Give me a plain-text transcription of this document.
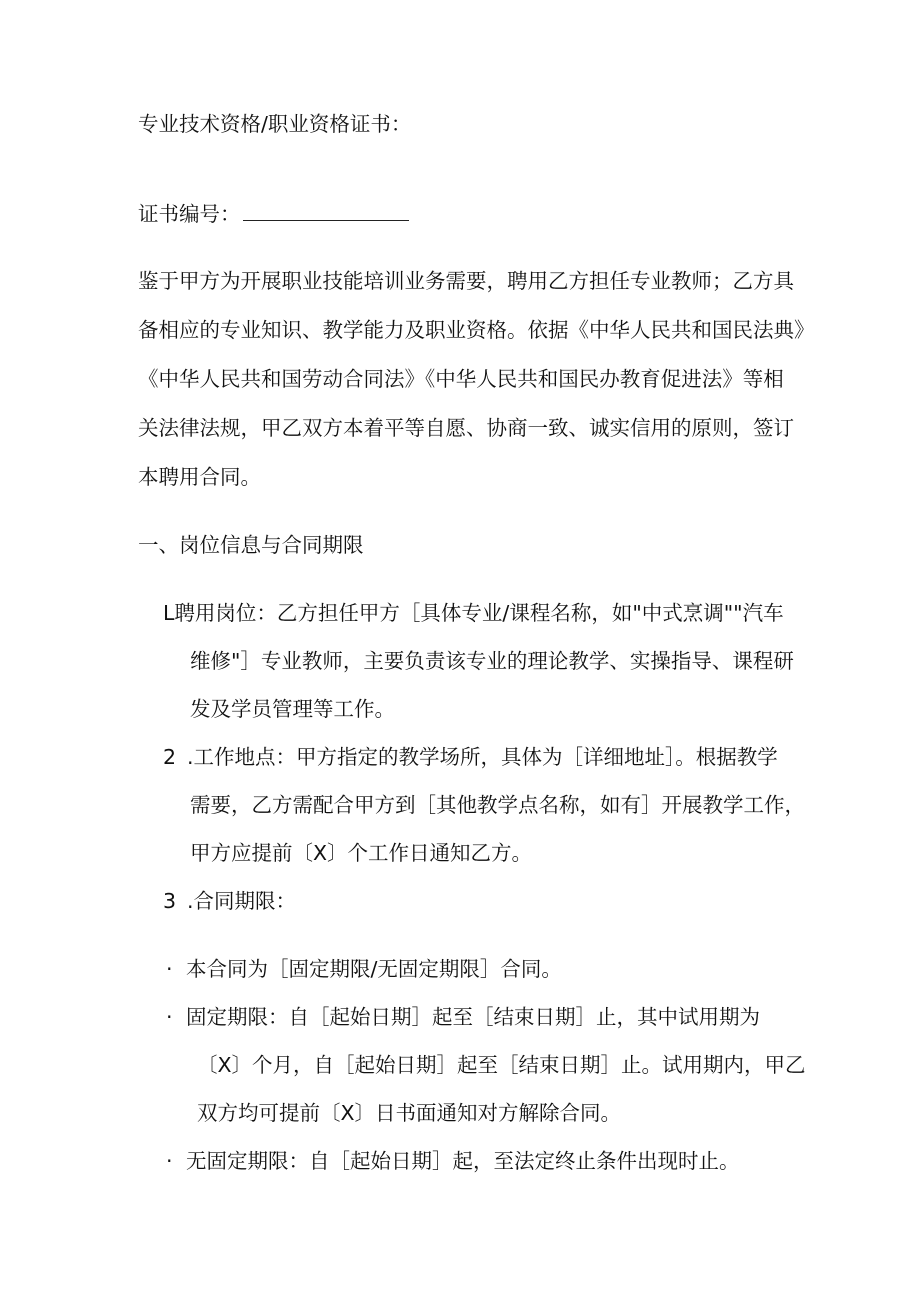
专业技术资格/职业资格证书：
证书编号：
鉴于甲方为开展职业技能培训业务需要，聘用乙方担任专业教师；乙方具
备相应的专业知识、教学能力及职业资格。依据《中华人民共和国民法典》
《中华人民共和国劳动合同法》《中华人民共和国民办教育促进法》等相
关法律法规，甲乙双方本着平等自愿、协商一致、诚实信用的原则，签订
本聘用合同。
一、岗位信息与合同期限
L聘用岗位：乙方担任甲方［具体专业/课程名称，如"中式烹调""汽车
维修"］专业教师，主要负责该专业的理论教学、实操指导、课程研
发及学员管理等工作。
2 .工作地点：甲方指定的教学场所，具体为［详细地址］。根据教学
需要，乙方需配合甲方到［其他教学点名称，如有］开展教学工作，
甲方应提前〔X〕个工作日通知乙方。
3 .合同期限：
· 本合同为［固定期限/无固定期限］合同。
· 固定期限：自［起始日期］起至［结束日期］止，其中试用期为
〔X〕个月，自［起始日期］起至［结束日期］止。试用期内，甲乙
双方均可提前〔X〕日书面通知对方解除合同。
· 无固定期限：自［起始日期］起，至法定终止条件出现时止。
